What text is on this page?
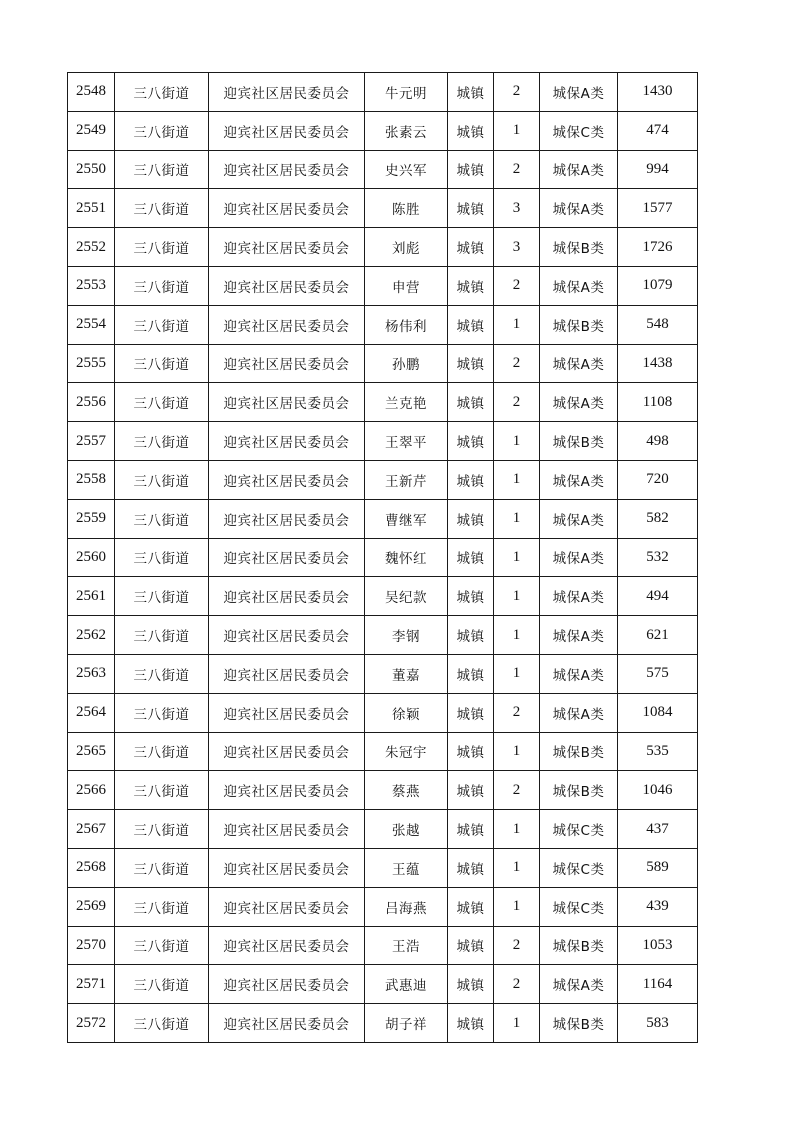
2548	三八街道	迎宾社区居民委员会	牛元明	城镇	2	城保A类	1430
2549	三八街道	迎宾社区居民委员会	张素云	城镇	1	城保C类	474
2550	三八街道	迎宾社区居民委员会	史兴军	城镇	2	城保A类	994
2551	三八街道	迎宾社区居民委员会	陈胜	城镇	3	城保A类	1577
2552	三八街道	迎宾社区居民委员会	刘彪	城镇	3	城保B类	1726
2553	三八街道	迎宾社区居民委员会	申营	城镇	2	城保A类	1079
2554	三八街道	迎宾社区居民委员会	杨伟利	城镇	1	城保B类	548
2555	三八街道	迎宾社区居民委员会	孙鹏	城镇	2	城保A类	1438
2556	三八街道	迎宾社区居民委员会	兰克艳	城镇	2	城保A类	1108
2557	三八街道	迎宾社区居民委员会	王翠平	城镇	1	城保B类	498
2558	三八街道	迎宾社区居民委员会	王新芹	城镇	1	城保A类	720
2559	三八街道	迎宾社区居民委员会	曹继军	城镇	1	城保A类	582
2560	三八街道	迎宾社区居民委员会	魏怀红	城镇	1	城保A类	532
2561	三八街道	迎宾社区居民委员会	吴纪款	城镇	1	城保A类	494
2562	三八街道	迎宾社区居民委员会	李钢	城镇	1	城保A类	621
2563	三八街道	迎宾社区居民委员会	董嘉	城镇	1	城保A类	575
2564	三八街道	迎宾社区居民委员会	徐颖	城镇	2	城保A类	1084
2565	三八街道	迎宾社区居民委员会	朱冠宇	城镇	1	城保B类	535
2566	三八街道	迎宾社区居民委员会	蔡燕	城镇	2	城保B类	1046
2567	三八街道	迎宾社区居民委员会	张越	城镇	1	城保C类	437
2568	三八街道	迎宾社区居民委员会	王蕴	城镇	1	城保C类	589
2569	三八街道	迎宾社区居民委员会	吕海燕	城镇	1	城保C类	439
2570	三八街道	迎宾社区居民委员会	王浩	城镇	2	城保B类	1053
2571	三八街道	迎宾社区居民委员会	武惠迪	城镇	2	城保A类	1164
2572	三八街道	迎宾社区居民委员会	胡子祥	城镇	1	城保B类	583
